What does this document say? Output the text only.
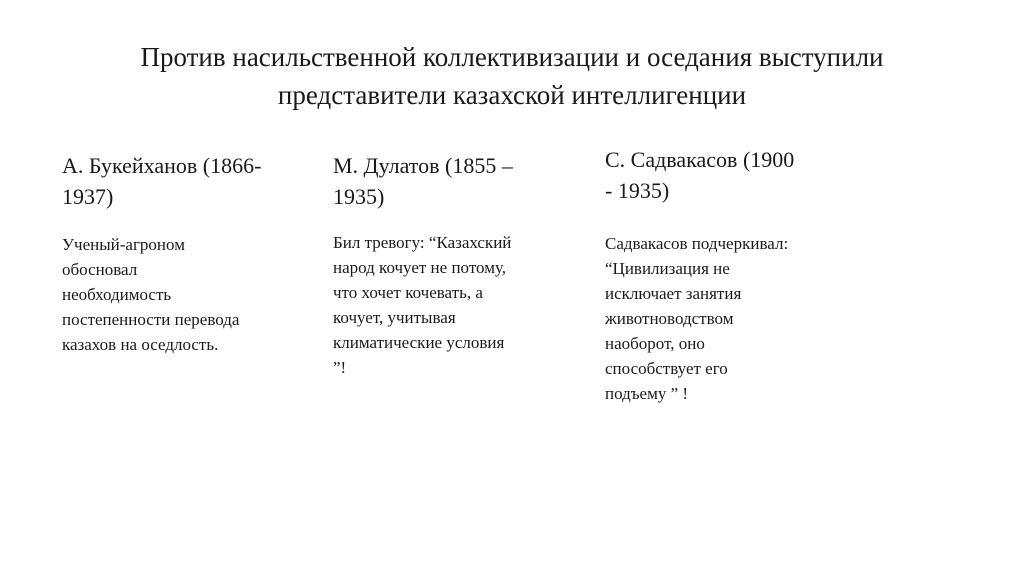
Против насильственной коллективизации и оседания выступили
представители казахской интеллигенции
А. Букейханов (1866-
1937)
Ученый-агроном
обосновал
необходимость
постепенности перевода
казахов на оседлость.
М. Дулатов (1855 –
1935)
Бил тревогу: “Казахский
народ кочует не потому,
что хочет кочевать, а
кочует, учитывая
климатические условия
”!
С. Садвакасов (1900
- 1935)
Садвакасов подчеркивал:
“Цивилизация не
исключает занятия
животноводством
наоборот, оно
способствует его
подъему ” !
